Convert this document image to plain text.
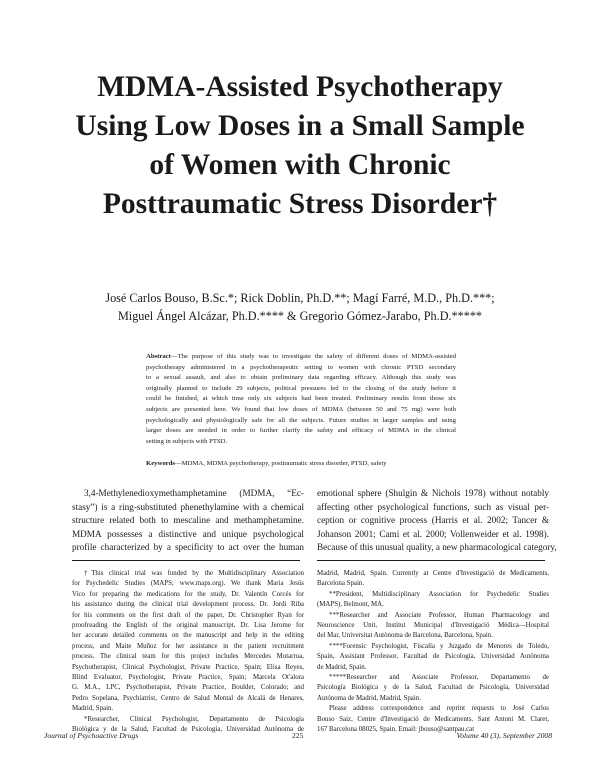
MDMA-Assisted Psychotherapy
Using Low Doses in a Small Sample
of Women with Chronic
Posttraumatic Stress Disorder†
José Carlos Bouso, B.Sc.*; Rick Doblin, Ph.D.**; Magí Farré, M.D., Ph.D.***;
Miguel Ángel Alcázar, Ph.D.**** & Gregorio Gómez-Jarabo, Ph.D.*****
Abstract—The purpose of this study was to investigate the safety of different doses of MDMA-assisted
psychotherapy administered in a psychotherapeutic setting to women with chronic PTSD secondary
to a sexual assault, and also to obtain preliminary data regarding efficacy. Although this study was
originally planned to include 29 subjects, political pressures led to the closing of the study before it
could be finished, at which time only six subjects had been treated. Preliminary results from those six
subjects are presented here. We found that low doses of MDMA (between 50 and 75 mg) were both
psychologically and physiologically safe for all the subjects. Future studies in larger samples and using
larger doses are needed in order to further clarify the safety and efficacy of MDMA in the clinical
setting in subjects with PTSD.
Keywords—MDMA, MDMA psychotherapy, posttraumatic stress disorder, PTSD, safety
3,4-Methylenedioxymethamphetamine (MDMA, “Ec-
stasy”) is a ring-substituted phenethylamine with a chemical
structure related both to mescaline and methamphetamine.
MDMA possesses a distinctive and unique psychological
profile characterized by a specificity to act over the human
emotional sphere (Shulgin & Nichols 1978) without notably
affecting other psychological functions, such as visual per-
ception or cognitive process (Harris et al. 2002; Tancer &
Johanson 2001; Cami et al. 2000; Vollenweider et al. 1998).
Because of this unusual quality, a new pharmacological category,
†This clinical trial was funded by the Multidisciplinary Association
for Psychedelic Studies (MAPS; www.maps.org). We thank Maria Jesús
Vico for preparing the medications for the study, Dr. Valentín Corcés for
his assistance during the clinical trial development process, Dr. Jordi Riba
for his comments on the first draft of the paper, Dr. Christopher Ryan for
proofreading the English of the original manuscript, Dr. Lisa Jerome for
her accurate detailed comments on the manuscript and help in the editing
process, and Maite Muñoz for her assistance in the patient recruitment
process. The clinical team for this project includes Mercedes Mutarrua,
Psychotherapist, Clinical Psychologist, Private Practice, Spain; Elisa Reyes,
Blind Evaluator, Psychologist, Private Practice, Spain; Marcela Ot'alora
G. M.A., LPC, Psychotherapist, Private Practice, Boulder, Colorado; and
Pedro Sopelana, Psychiatrist, Centro de Salud Mental de Alcalá de Henares,
Madrid, Spain.
*Researcher, Clinical Psychologist, Departamento de Psicología
Biológica y de la Salud, Facultad de Psicología, Universidad Autónoma de
Madrid, Madrid, Spain. Currently at Centre d'Investigació de Medicaments,
Barcelona Spain.
**President, Multidisciplinary Association for Psychedelic Studies
(MAPS), Belmont, MA.
***Researcher and Associate Professor, Human Pharmacology and
Neuroscience Unit, Institut Municipal d'Investigació Mèdica—Hospital
del Mar, Universitat Autònoma de Barcelona, Barcelona, Spain.
****Forensic Psychologist, Fiscalía y Juzgado de Menores de Toledo,
Spain, Assistant Professor, Facultad de Psicología, Universidad Autónoma
de Madrid, Spain.
*****Researcher and Associate Professor, Departamento de
Psicología Biológica y de la Salud, Facultad de Psicología, Universidad
Autónoma de Madrid, Madrid, Spain.
Please address correspondence and reprint requests to José Carlos
Bouso Saiz, Centre d'Investigació de Medicaments. Sant Antoni M. Claret,
167 Barcelona 08025, Spain. Email: jbouso@santpau.cat
Journal of Psychoactive Drugs	225	Volume 40 (3), September 2008
